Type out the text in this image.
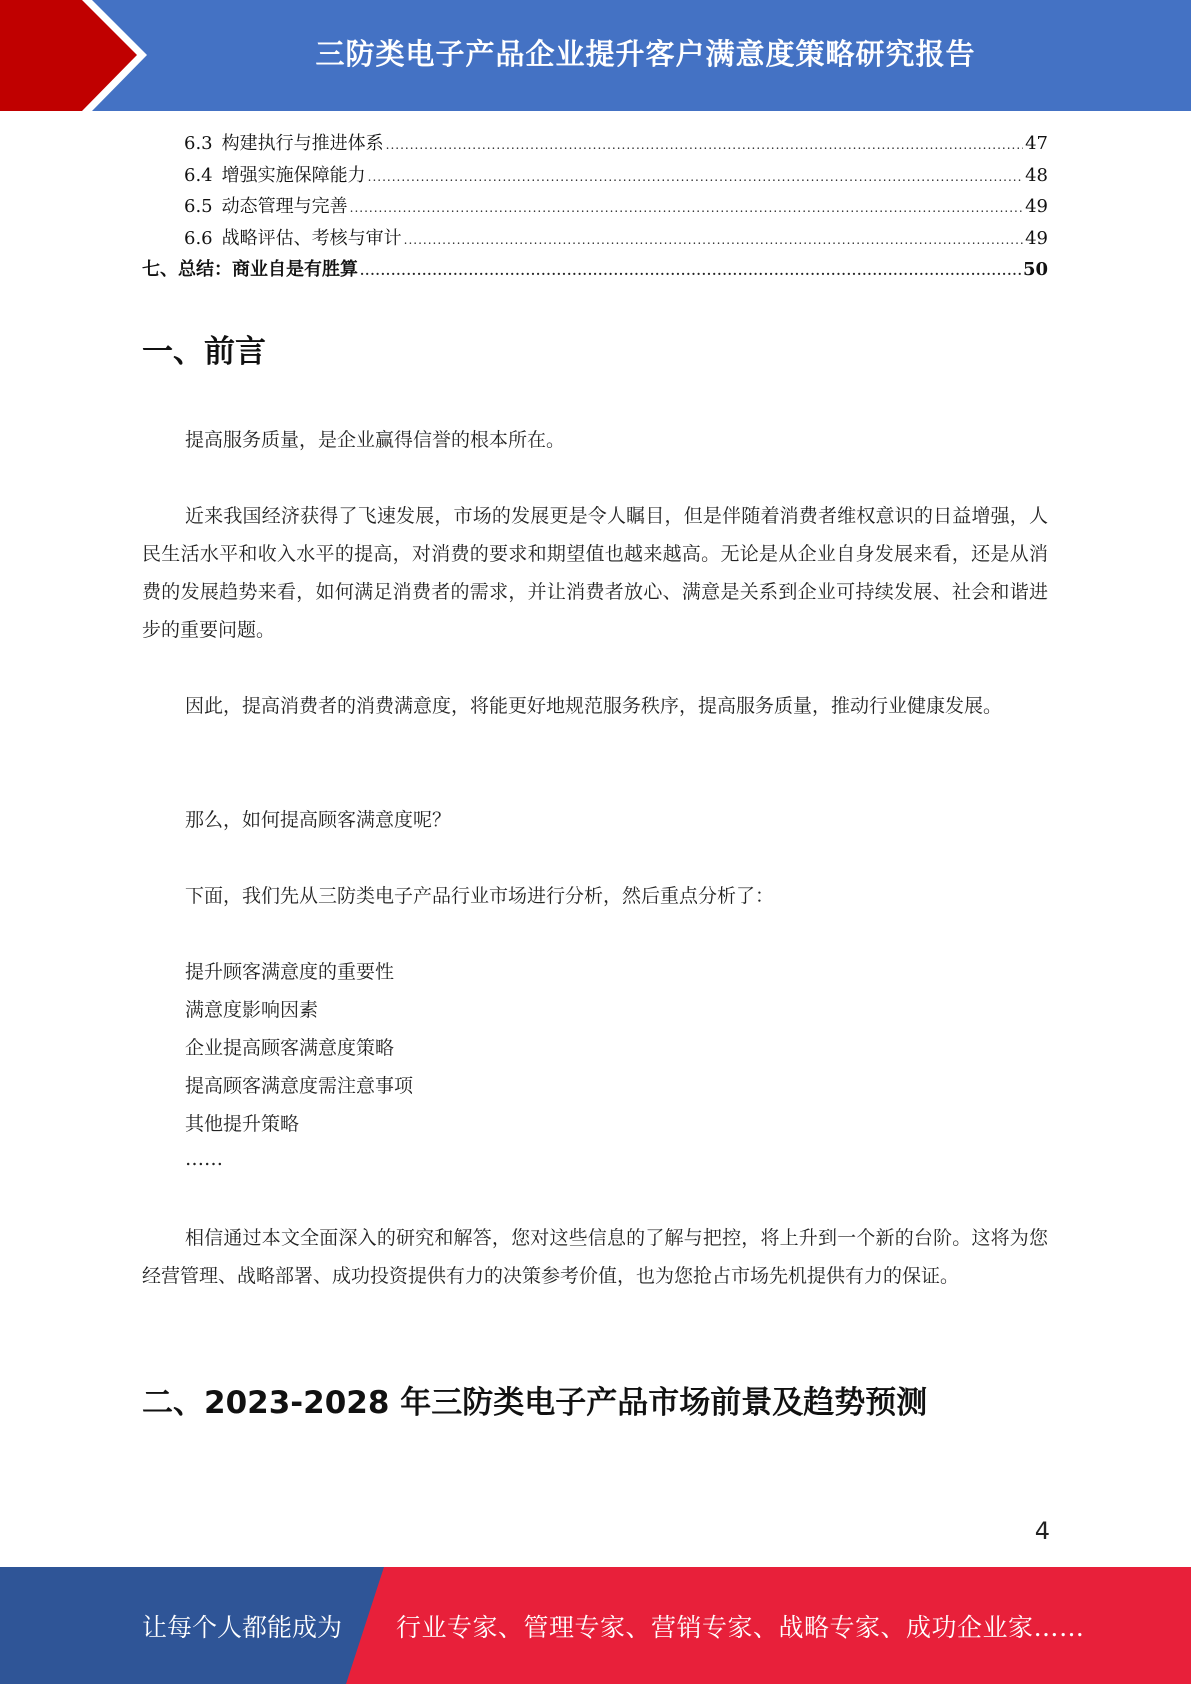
三防类电子产品企业提升客户满意度策略研究报告
6.3 构建执行与推进体系 .....	47
6.4 增强实施保障能力 .....	48
6.5 动态管理与完善 .....	49
6.6 战略评估、考核与审计 .....	49
七、总结：商业自是有胜算 .....	50
一、前言
提高服务质量，是企业赢得信誉的根本所在。
近来我国经济获得了飞速发展，市场的发展更是令人瞩目，但是伴随着消费者维权意识的日益增强，人民生活水平和收入水平的提高，对消费的要求和期望值也越来越高。无论是从企业自身发展来看，还是从消费的发展趋势来看，如何满足消费者的需求，并让消费者放心、满意是关系到企业可持续发展、社会和谐进步的重要问题。
因此，提高消费者的消费满意度，将能更好地规范服务秩序，提高服务质量，推动行业健康发展。
那么，如何提高顾客满意度呢？
下面，我们先从三防类电子产品行业市场进行分析，然后重点分析了：
提升顾客满意度的重要性
满意度影响因素
企业提高顾客满意度策略
提高顾客满意度需注意事项
其他提升策略
……
相信通过本文全面深入的研究和解答，您对这些信息的了解与把控，将上升到一个新的台阶。这将为您经营管理、战略部署、成功投资提供有力的决策参考价值，也为您抢占市场先机提供有力的保证。
二、2023-2028 年三防类电子产品市场前景及趋势预测
4
让每个人都能成为 行业专家、管理专家、营销专家、战略专家、成功企业家……
